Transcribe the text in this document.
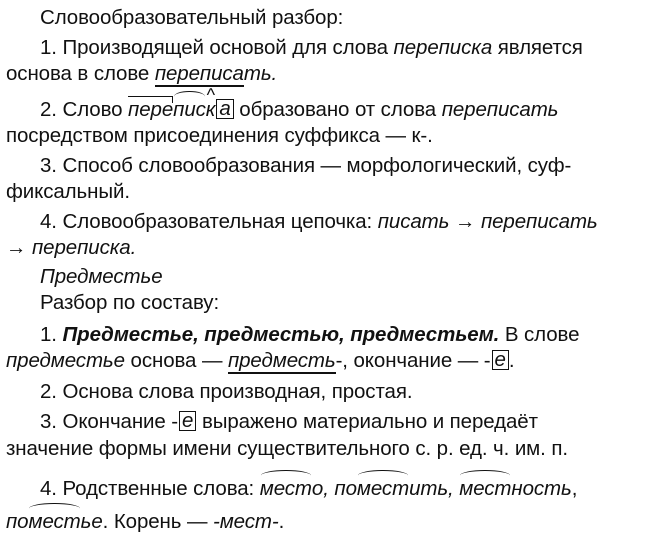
Словообразовательный разбор:
1. Производящей основой для слова переписка является
основа в слове переписать.
2. Слово перепис^ к а образовано от слова переписать
посредством присоединения суффикса — к-.
3. Способ словообразования — морфологический, суф-
фиксальный.
4. Словообразовательная цепочка: писать → переписать
→ переписка.
Предместье
Разбор по составу:
1. Предместье, предместью, предместьем. В слове
предместье основа — предместь-, окончание — - е .
2. Основа слова производная, простая.
3. Окончание - е выражено материально и передаёт
значение формы имени существительного с. р. ед. ч. им. п.
4. Родственные слова: место, поместить, местность,
поместье. Корень — -мест-.
